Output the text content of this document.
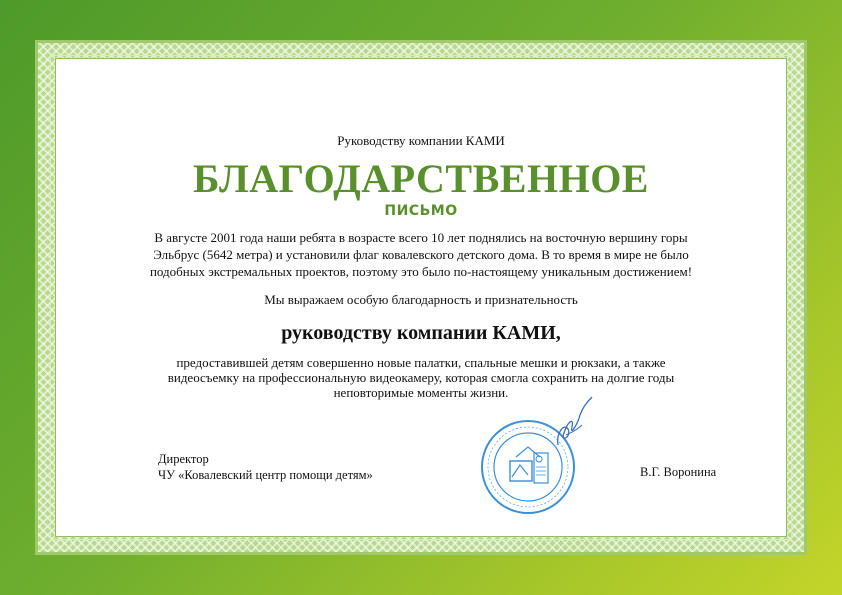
Руководству компании КАМИ
БЛАГОДАРСТВЕННОЕ
ПИСЬМО
В августе 2001 года наши ребята в возрасте всего 10 лет поднялись на восточную вершину горы
Эльбрус (5642 метра) и установили флаг ковалевского детского дома. В то время в мире не было
подобных экстремальных проектов, поэтому это было по-настоящему уникальным достижением!
Мы выражаем особую благодарность и признательность
руководству компании КАМИ,
предоставившей детям совершенно новые палатки, спальные мешки и рюкзаки, а также
видеосъемку на профессиональную видеокамеру, которая смогла сохранить на долгие годы
неповторимые моменты жизни.
Директор
ЧУ «Ковалевский центр помощи детям»	В.Г. Воронина
